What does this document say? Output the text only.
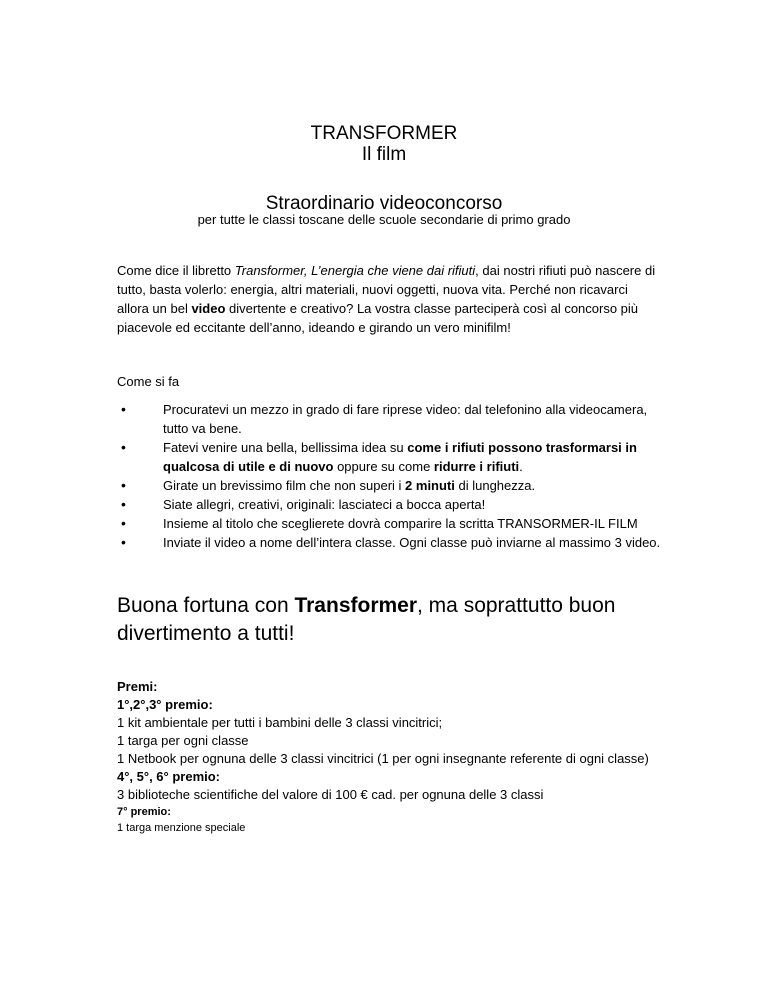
TRANSFORMER
Il film
Straordinario videoconcorso
per tutte le classi toscane delle scuole secondarie di primo grado
Come dice il libretto Transformer, L’energia che viene dai rifiuti, dai nostri rifiuti può nascere di tutto, basta volerlo: energia, altri materiali, nuovi oggetti, nuova vita. Perché non ricavarci allora un bel video divertente e creativo? La vostra classe parteciperà così al concorso più piacevole ed eccitante dell’anno, ideando e girando un vero minifilm!
Come si fa
• Procuratevi un mezzo in grado di fare riprese video: dal telefonino alla videocamera, tutto va bene.
• Fatevi venire una bella, bellissima idea su come i rifiuti possono trasformarsi in qualcosa di utile e di nuovo oppure su come ridurre i rifiuti.
• Girate un brevissimo film che non superi i 2 minuti di lunghezza.
• Siate allegri, creativi, originali: lasciateci a bocca aperta!
• Insieme al titolo che sceglierete dovrà comparire la scritta TRANSORMER-IL FILM
• Inviate il video a nome dell’intera classe. Ogni classe può inviarne al massimo 3 video.
Buona fortuna con Transformer, ma soprattutto buon divertimento a tutti!
Premi:
1°,2°,3° premio:
1 kit ambientale per tutti i bambini delle 3 classi vincitrici;
1 targa per ogni classe
1 Netbook per ognuna delle 3 classi vincitrici (1 per ogni insegnante referente di ogni classe)
4°, 5°, 6° premio:
3 biblioteche scientifiche del valore di 100 € cad. per ognuna delle 3 classi
7° premio:
1 targa menzione speciale
